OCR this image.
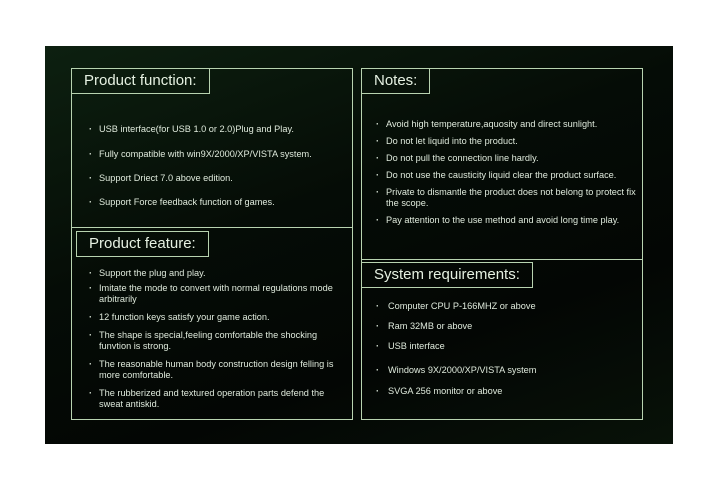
Product function:
· USB interface(for USB 1.0 or 2.0)Plug and Play.
· Fully compatible with win9X/2000/XP/VISTA system.
· Support Driect 7.0 above edition.
· Support Force feedback function of games.
Product feature:
· Support the plug and play.
· Imitate the mode to convert with normal regulations mode arbitrarily
· 12 function keys satisfy your game action.
· The shape is special,feeling comfortable the shocking funvtion is strong.
· The reasonable human body construction design felling is more comfortable.
· The rubberized and textured operation parts defend the sweat antiskid.
Notes:
· Avoid high temperature,aquosity and direct sunlight.
· Do not let liquid into the product.
· Do not pull the connection line hardly.
· Do not use the causticity liquid clear the product surface.
· Private to dismantle the product does not belong to protect fix the scope.
· Pay attention to the use method and avoid long time play.
System requirements:
· Computer CPU P-166MHZ or above
· Ram 32MB or above
· USB interface
· Windows 9X/2000/XP/VISTA system
· SVGA 256 monitor or above
